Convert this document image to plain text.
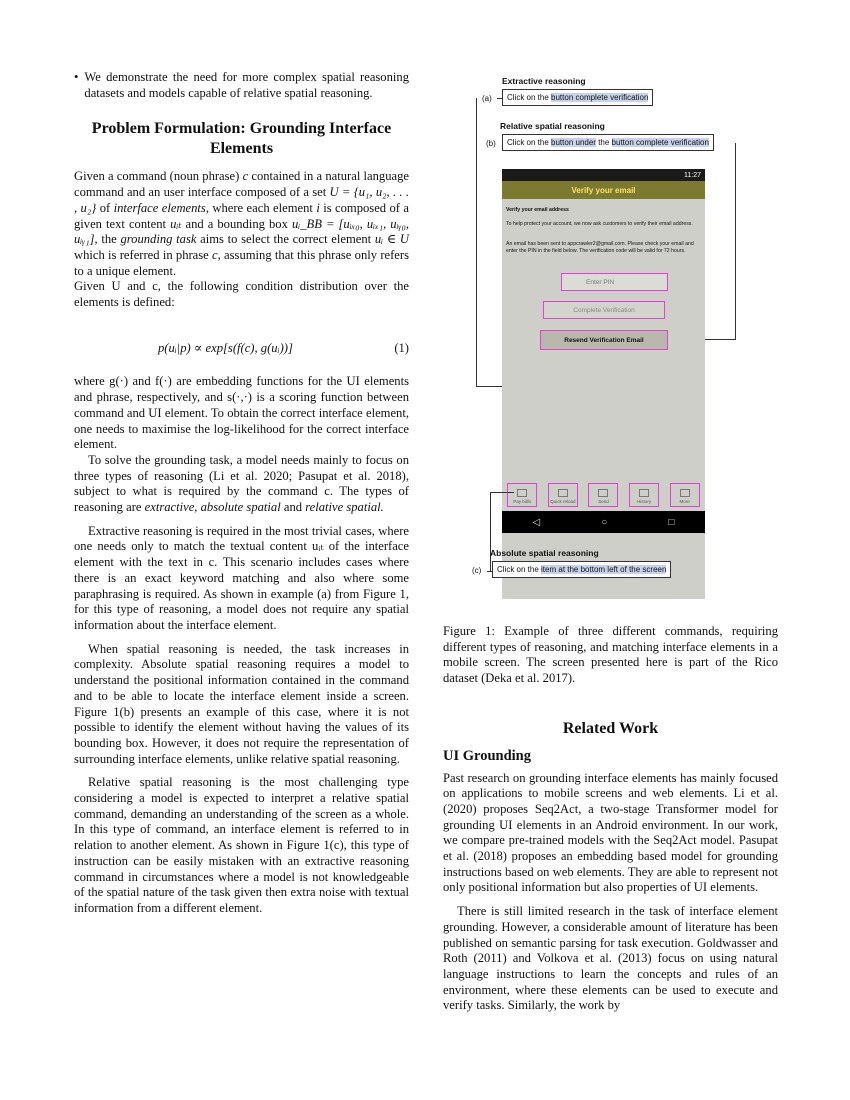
• We demonstrate the need for more complex spatial reasoning datasets and models capable of relative spatial reasoning.
Problem Formulation: Grounding Interface Elements

Given a command (noun phrase) c contained in a natural language command and an user interface composed of a set U = {u₁, u₂, . . . , u₂} of interface elements, where each element i is composed of a given text content uᵢₜ and a bounding box uᵢ_BB = [uᵢₓ₀, uᵢₓ₁, uᵢᵧ₀, uᵢᵧ₁], the grounding task aims to select the correct element uᵢ ∈ U which is referred in phrase c, assuming that this phrase only refers to a unique element.

Given U and c, the following condition distribution over the elements is defined:

p(uᵢ|p) ∝ exp[s(f(c), g(uᵢ))]	(1)

where g(·) and f(·) are embedding functions for the UI elements and phrase, respectively, and s(·,·) is a scoring function between command and UI element. To obtain the correct interface element, one needs to maximise the log-likelihood for the correct interface element.

To solve the grounding task, a model needs mainly to focus on three types of reasoning (Li et al. 2020; Pasupat et al. 2018), subject to what is required by the command c. The types of reasoning are extractive, absolute spatial and relative spatial.

Extractive reasoning is required in the most trivial cases, where one needs only to match the textual content uᵢₜ of the interface element with the text in c. This scenario includes cases where there is an exact keyword matching and also where some paraphrasing is required. As shown in example (a) from Figure 1, for this type of reasoning, a model does not require any spatial information about the interface element.

When spatial reasoning is needed, the task increases in complexity. Absolute spatial reasoning requires a model to understand the positional information contained in the command and to be able to locate the interface element inside a screen. Figure 1(b) presents an example of this case, where it is not possible to identify the element without having the values of its bounding box. However, it does not require the representation of surrounding interface elements, unlike relative spatial reasoning.

Relative spatial reasoning is the most challenging type considering a model is expected to interpret a relative spatial command, demanding an understanding of the screen as a whole. In this type of command, an interface element is referred to in relation to another element. As shown in Figure 1(c), this type of instruction can be easily mistaken with an extractive reasoning command in circumstances where a model is not knowledgeable of the spatial nature of the task given then extra noise with textual information from a different element.

Extractive reasoning
(a)	Click on the button complete verification
Relative spatial reasoning
(b)	Click on the button under the button complete verification
11:27
Verify your email
Verify your email address
To help protect your account, we now ask customers to verify their email address.
An email has been sent to appcrawler2@gmail.com. Please check your email and enter the PIN in the field below. The verification code will be valid for 72 hours.
Enter PIN
Complete Verification
Resend Verification Email
Pay bill/s	Quick reload	Send	History	More
◁	○	□
Absolute spatial reasoning
(c)	Click on the item at the bottom left of the screen

Figure 1: Example of three different commands, requiring different types of reasoning, and matching interface elements in a mobile screen. The screen presented here is part of the Rico dataset (Deka et al. 2017).

Related Work
UI Grounding

Past research on grounding interface elements has mainly focused on applications to mobile screens and web elements. Li et al. (2020) proposes Seq2Act, a two-stage Transformer model for grounding UI elements in an Android environment. In our work, we compare pre-trained models with the Seq2Act model. Pasupat et al. (2018) proposes an embedding based model for grounding instructions based on web elements. They are able to represent not only positional information but also properties of UI elements.

There is still limited research in the task of interface element grounding. However, a considerable amount of literature has been published on semantic parsing for task execution. Goldwasser and Roth (2011) and Volkova et al. (2013) focus on using natural language instructions to learn the concepts and rules of an environment, where these elements can be used to execute and verify tasks. Similarly, the work by
